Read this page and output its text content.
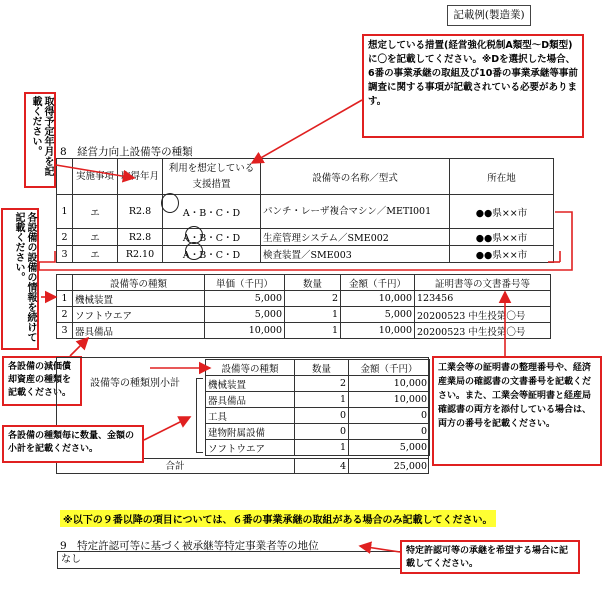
記載例(製造業)
想定している措置(経営強化税制A類型～D類型)に〇を記載してください。※Dを選択した場合、6番の事業承継の取組及び10番の事業承継等事前調査に関する事項が記載されている必要があります。
取得予定年月を記載ください。
各設備の設備の情報を続けて記載ください。
8　経営力向上設備等の種類
	実施事項	取得年月	利用を想定している支援措置	設備等の名称／型式	所在地
1	エ	R2.8	A・B・C・D	パンチ・レーザ複合マシン／METI001	●●県××市
2	エ	R2.8	A・B・C・D	生産管理システム／SME002	●●県××市
3	エ	R2.10	A・B・C・D	検査装置／SME003	●●県××市
	設備等の種類	単価（千円）	数量	金額（千円）	証明書等の文書番号等
1	機械装置	5,000	2	10,000	123456
2	ソフトウエア	5,000	1	5,000	20200523 中生投第〇号
3	器具備品	10,000	1	10,000	20200523 中生投第〇号
各設備の減価償却資産の種類を記載ください。
合計	4	25,000
設備等の種類別小計
設備等の種類	数量	金額（千円）
機械装置	2	10,000
器具備品	1	10,000
工具	0	0
建物附属設備	0	0
ソフトウエア	1	5,000
各設備の種類毎に数量、金額の小計を記載ください。
工業会等の証明書の整理番号や、経済産業局の確認書の文書番号を記載ください。また、工業会等証明書と経産局確認書の両方を添付している場合は、両方の番号を記載ください。
※以下の９番以降の項目については、６番の事業承継の取組がある場合のみ記載してください。
9　特定許認可等に基づく被承継等特定事業者等の地位
なし
特定許認可等の承継を希望する場合に記載してください。
